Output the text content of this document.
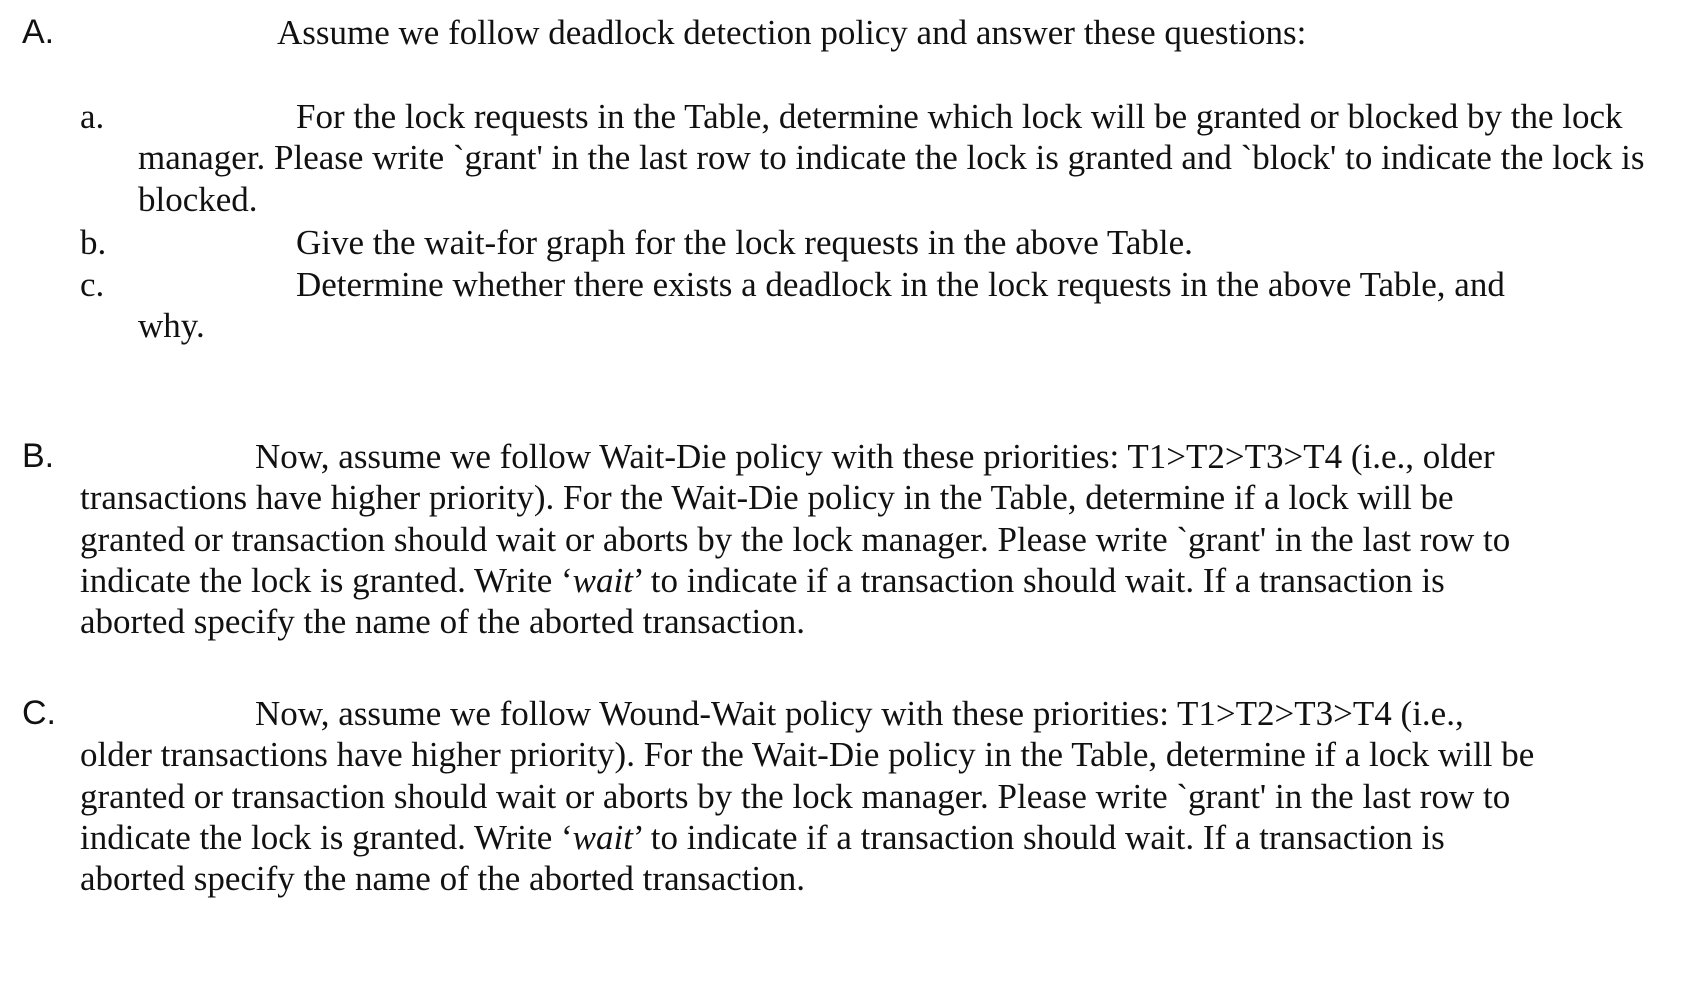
A.	Assume we follow deadlock detection policy and answer these questions:
a.	For the lock requests in the Table, determine which lock will be granted or blocked by the lock manager. Please write `grant' in the last row to indicate the lock is granted and `block' to indicate the lock is blocked.
b.	Give the wait-for graph for the lock requests in the above Table.
c.	Determine whether there exists a deadlock in the lock requests in the above Table, and why.
B.	Now, assume we follow Wait-Die policy with these priorities: T1>T2>T3>T4 (i.e., older transactions have higher priority). For the Wait-Die policy in the Table, determine if a lock will be granted or transaction should wait or aborts by the lock manager. Please write `grant' in the last row to indicate the lock is granted. Write ‘wait’ to indicate if a transaction should wait. If a transaction is aborted specify the name of the aborted transaction.
C.	Now, assume we follow Wound-Wait policy with these priorities: T1>T2>T3>T4 (i.e., older transactions have higher priority). For the Wait-Die policy in the Table, determine if a lock will be granted or transaction should wait or aborts by the lock manager. Please write `grant' in the last row to indicate the lock is granted. Write ‘wait’ to indicate if a transaction should wait. If a transaction is aborted specify the name of the aborted transaction.
